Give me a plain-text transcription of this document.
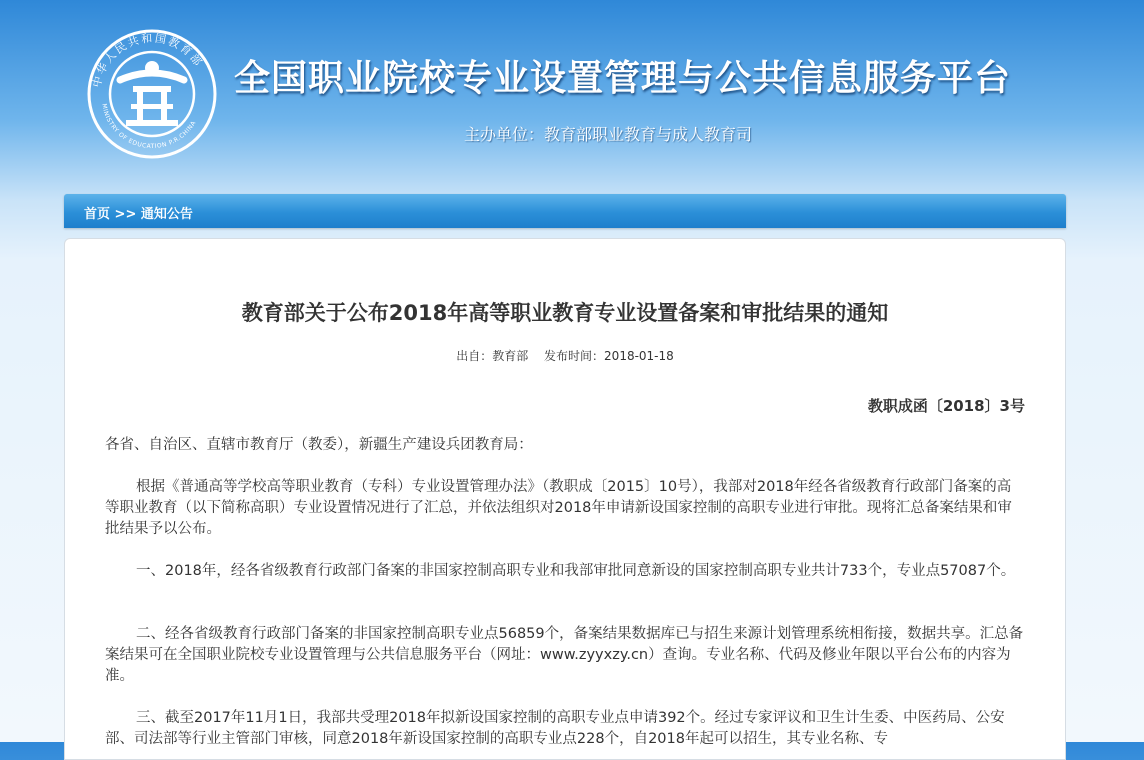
中华人民共和国教育部
MINISTRY OF EDUCATION P.R.CHINA
全国职业院校专业设置管理与公共信息服务平台
主办单位：教育部职业教育与成人教育司
首页 >> 通知公告
教育部关于公布2018年高等职业教育专业设置备案和审批结果的通知
出自：教育部 发布时间：2018-01-18
教职成函〔2018〕3号

各省、自治区、直辖市教育厅（教委），新疆生产建设兵团教育局：

根据《普通高等学校高等职业教育（专科）专业设置管理办法》（教职成〔2015〕10号），我部对2018年经各省级教育行政部门备案的高等职业教育（以下简称高职）专业设置情况进行了汇总，并依法组织对2018年申请新设国家控制的高职专业进行审批。现将汇总备案结果和审批结果予以公布。

一、2018年，经各省级教育行政部门备案的非国家控制高职专业和我部审批同意新设的国家控制高职专业共计733个，专业点57087个。

二、经各省级教育行政部门备案的非国家控制高职专业点56859个，备案结果数据库已与招生来源计划管理系统相衔接，数据共享。汇总备案结果可在全国职业院校专业设置管理与公共信息服务平台（网址：www.zyyxzy.cn）查询。专业名称、代码及修业年限以平台公布的内容为准。

三、截至2017年11月1日，我部共受理2018年拟新设国家控制的高职专业点申请392个。经过专家评议和卫生计生委、中医药局、公安部、司法部等行业主管部门审核，同意2018年新设国家控制的高职专业点228个，自2018年起可以招生，其专业名称、专
